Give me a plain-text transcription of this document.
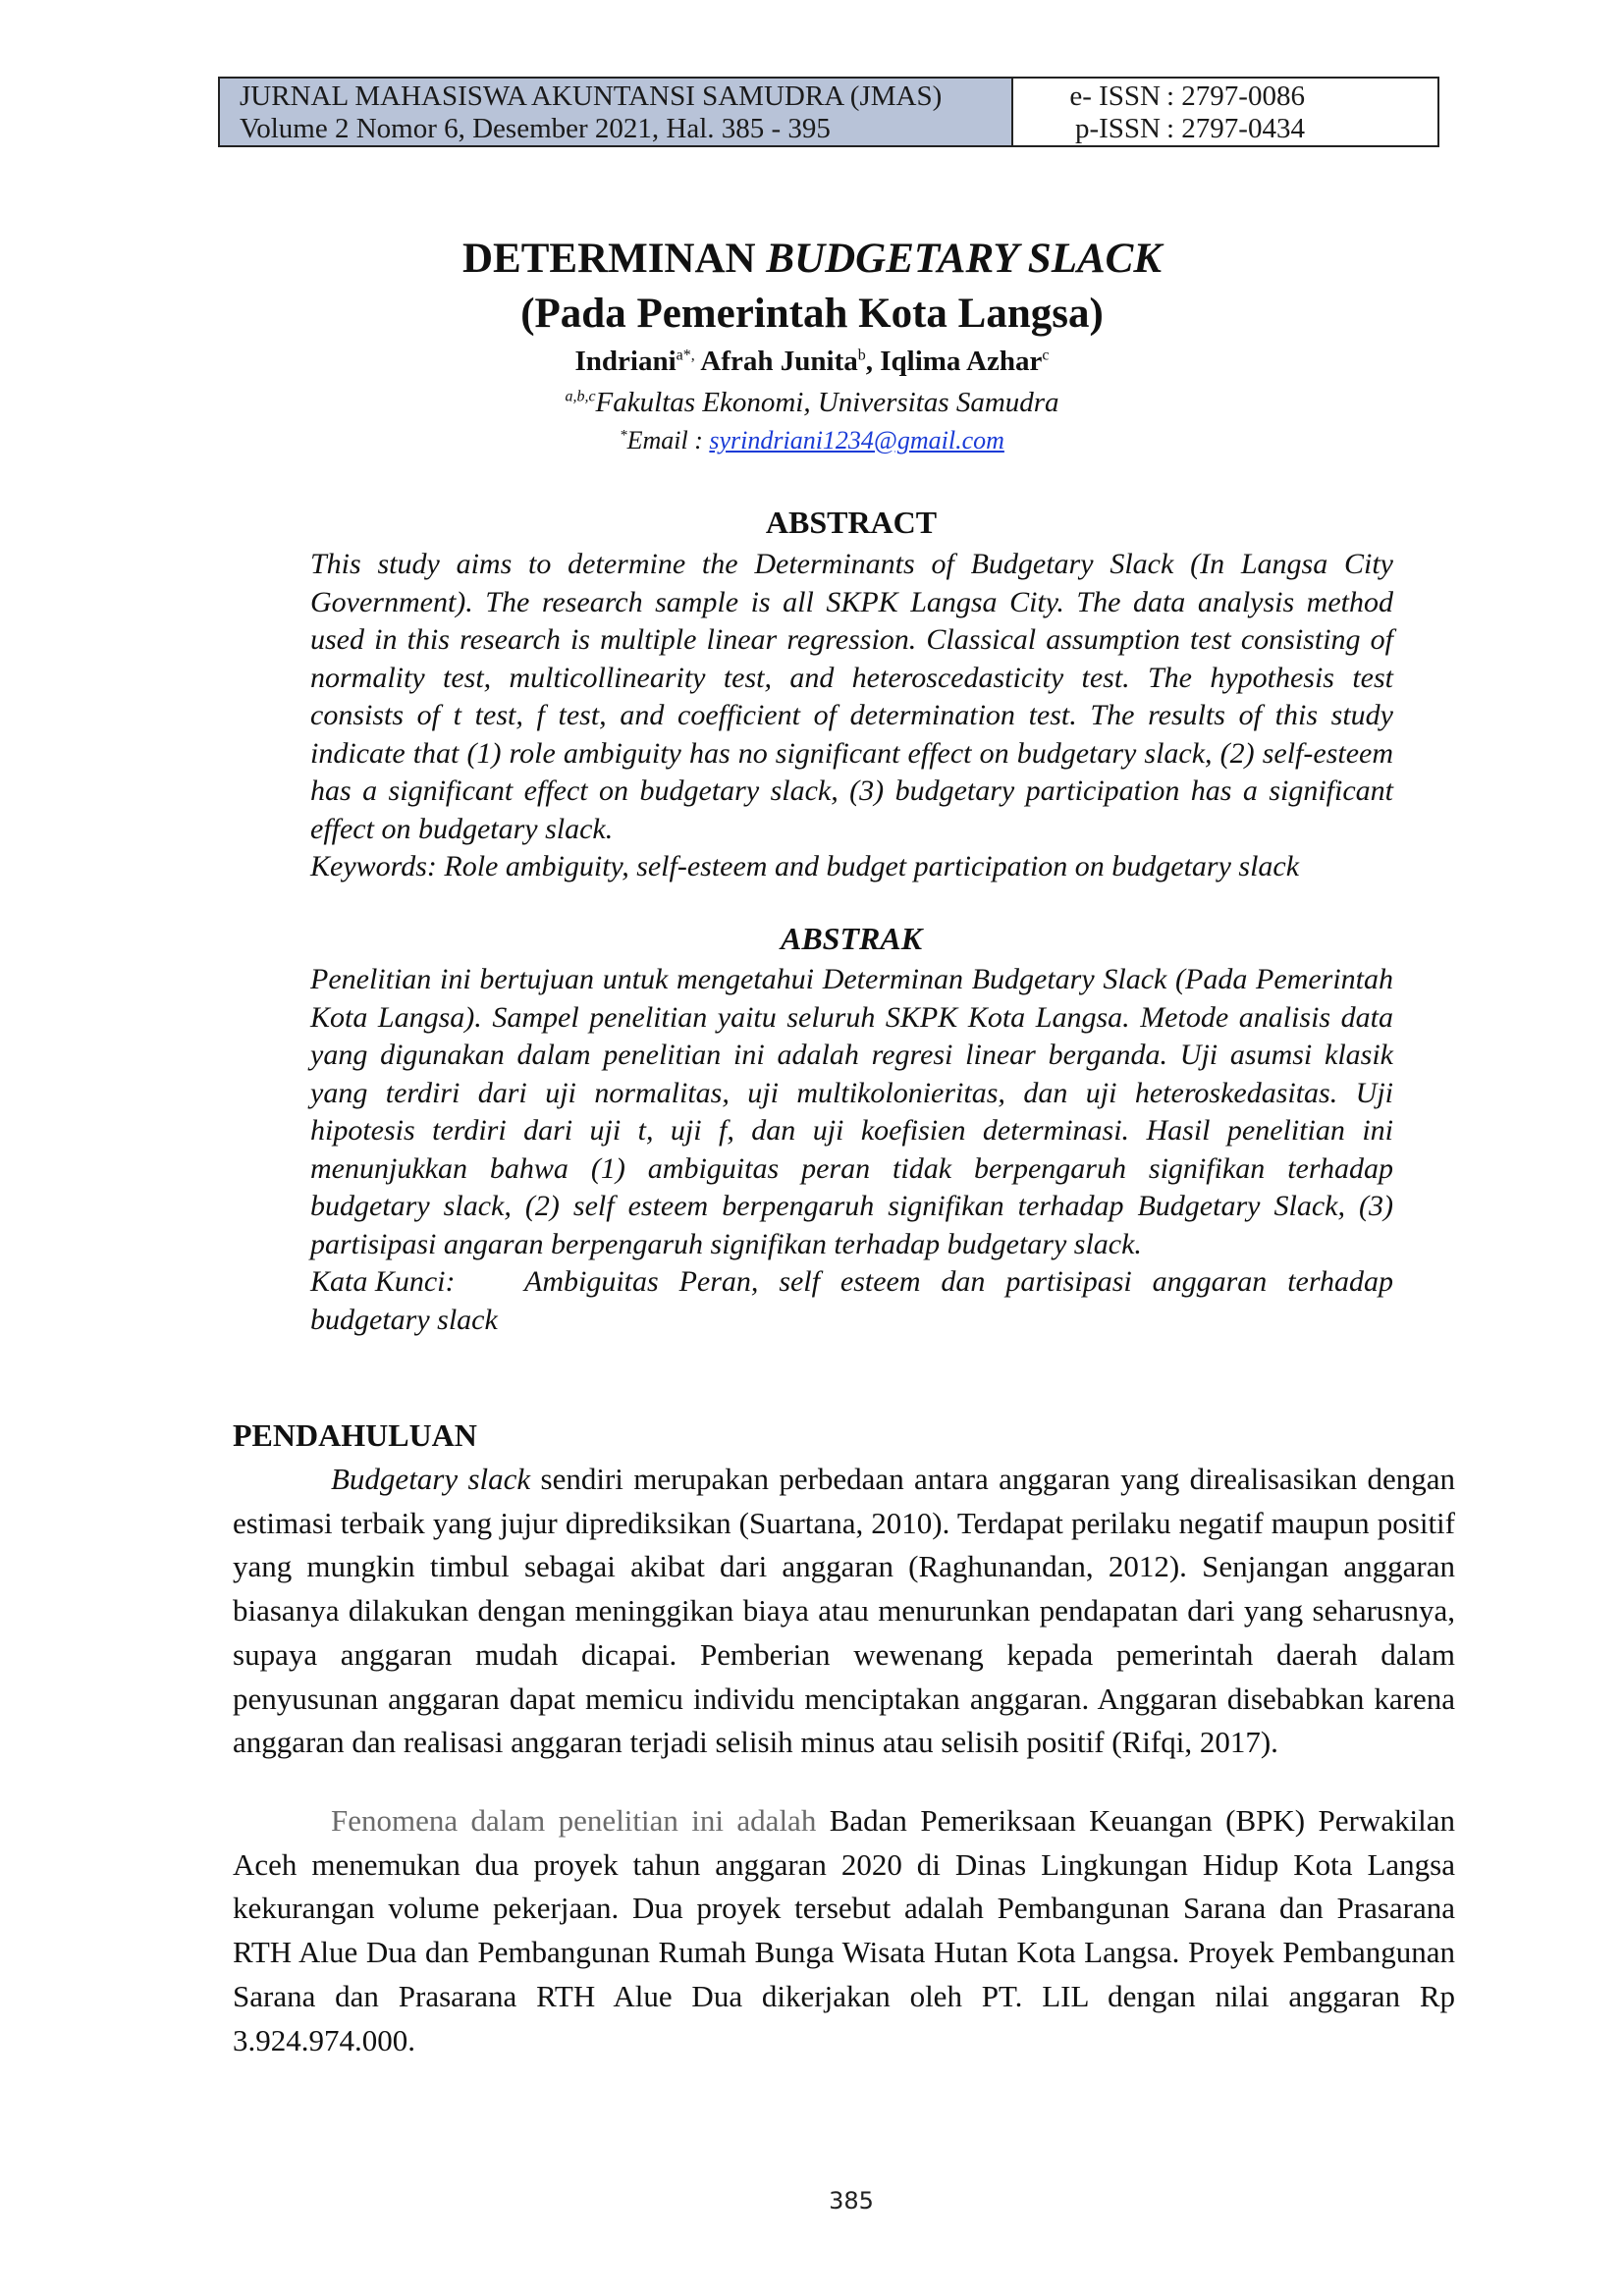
JURNAL MAHASISWA AKUNTANSI SAMUDRA (JMAS)
Volume 2 Nomor 6, Desember 2021, Hal. 385 - 395
e- ISSN : 2797-0086
p-ISSN : 2797-0434
DETERMINAN BUDGETARY SLACK
(Pada Pemerintah Kota Langsa)
Indriani$^{a*,}$ Afrah Junita$^b$, Iqlima Azhar$^c$
$^{a,b,c}$Fakultas Ekonomi, Universitas Samudra
*Email : syrindriani1234@gmail.com
ABSTRACT
This study aims to determine the Determinants of Budgetary Slack (In Langsa City Government). The research sample is all SKPK Langsa City. The data analysis method used in this research is multiple linear regression. Classical assumption test consisting of normality test, multicollinearity test, and heteroscedasticity test. The hypothesis test consists of t test, f test, and coefficient of determination test. The results of this study indicate that (1) role ambiguity has no significant effect on budgetary slack, (2) self-esteem has a significant effect on budgetary slack, (3) budgetary participation has a significant effect on budgetary slack.
Keywords: Role ambiguity, self-esteem and budget participation on budgetary slack
ABSTRAK
Penelitian ini bertujuan untuk mengetahui Determinan Budgetary Slack (Pada Pemerintah Kota Langsa). Sampel penelitian yaitu seluruh SKPK Kota Langsa. Metode analisis data yang digunakan dalam penelitian ini adalah regresi linear berganda. Uji asumsi klasik yang terdiri dari uji normalitas, uji multikolonieritas, dan uji heteroskedasitas. Uji hipotesis terdiri dari uji t, uji f, dan uji koefisien determinasi. Hasil penelitian ini menunjukkan bahwa (1) ambiguitas peran tidak berpengaruh signifikan terhadap budgetary slack, (2) self esteem berpengaruh signifikan terhadap Budgetary Slack, (3) partisipasi angaran berpengaruh signifikan terhadap budgetary slack.
Kata Kunci: Ambiguitas Peran, self esteem dan partisipasi anggaran terhadap budgetary slack
PENDAHULUAN
Budgetary slack sendiri merupakan perbedaan antara anggaran yang direalisasikan dengan estimasi terbaik yang jujur diprediksikan (Suartana, 2010). Terdapat perilaku negatif maupun positif yang mungkin timbul sebagai akibat dari anggaran (Raghunandan, 2012). Senjangan anggaran biasanya dilakukan dengan meninggikan biaya atau menurunkan pendapatan dari yang seharusnya, supaya anggaran mudah dicapai. Pemberian wewenang kepada pemerintah daerah dalam penyusunan anggaran dapat memicu individu menciptakan anggaran. Anggaran disebabkan karena anggaran dan realisasi anggaran terjadi selisih minus atau selisih positif (Rifqi, 2017).
Fenomena dalam penelitian ini adalah Badan Pemeriksaan Keuangan (BPK) Perwakilan Aceh menemukan dua proyek tahun anggaran 2020 di Dinas Lingkungan Hidup Kota Langsa kekurangan volume pekerjaan. Dua proyek tersebut adalah Pembangunan Sarana dan Prasarana RTH Alue Dua dan Pembangunan Rumah Bunga Wisata Hutan Kota Langsa. Proyek Pembangunan Sarana dan Prasarana RTH Alue Dua dikerjakan oleh PT. LIL dengan nilai anggaran Rp 3.924.974.000.
385
